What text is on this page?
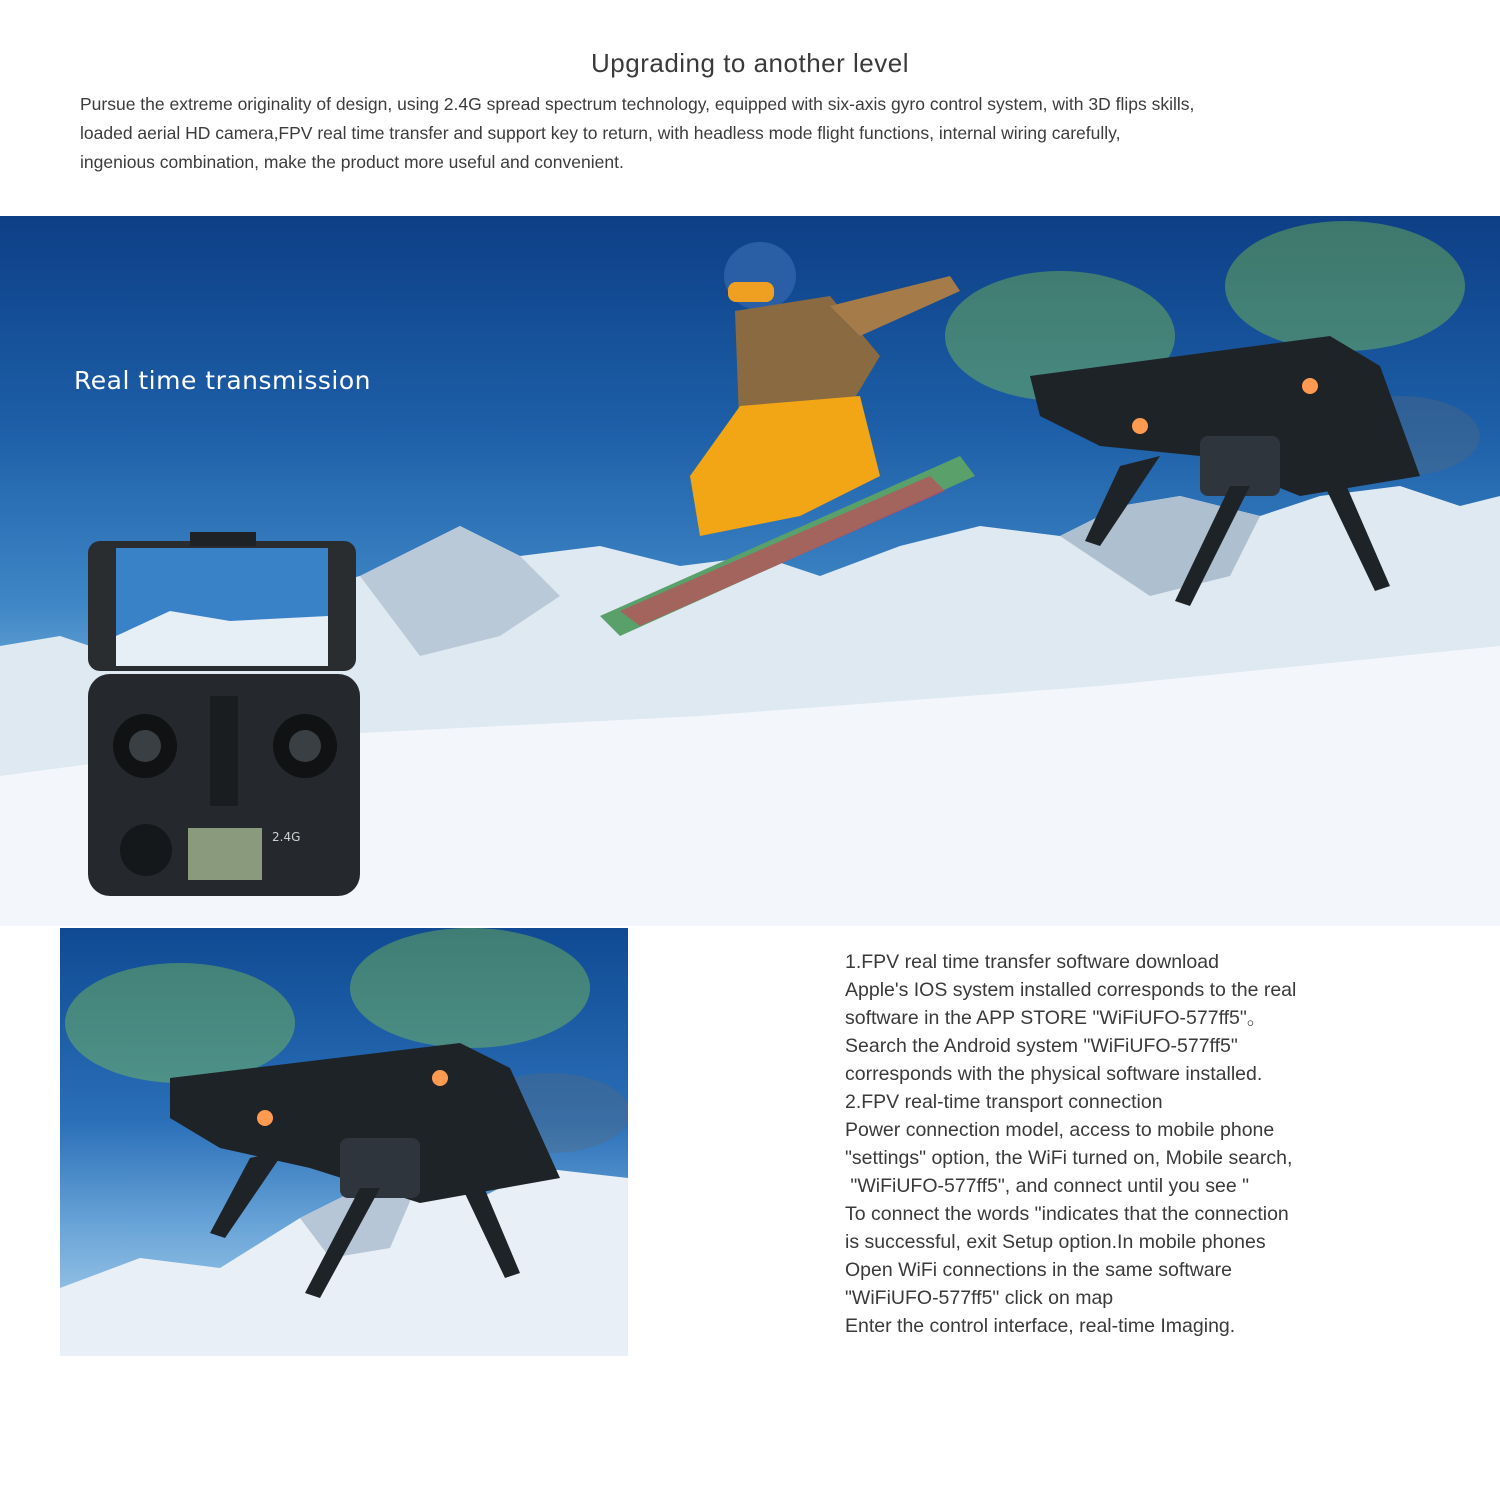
Upgrading to another level

Pursue the extreme originality of design, using 2.4G spread spectrum technology, equipped with six-axis gyro control system, with 3D flips skills,

loaded aerial HD camera,FPV real time transfer and support key to return, with headless mode flight functions, internal wiring carefully,

ingenious combination, make the product more useful and convenient.

Real time transmission
2.4G

1.FPV real time transfer software download

Apple's IOS system installed corresponds to the real

software in the APP STORE "WiFiUFO-577ff5"。

Search the Android system "WiFiUFO-577ff5"

corresponds with the physical software installed.

2.FPV real-time transport connection

Power connection model, access to mobile phone

"settings" option, the WiFi turned on, Mobile search,

"WiFiUFO-577ff5", and connect until you see "

To connect the words "indicates that the connection

is successful, exit Setup option.In mobile phones

Open WiFi connections in the same software

"WiFiUFO-577ff5" click on map

Enter the control interface, real-time Imaging.
